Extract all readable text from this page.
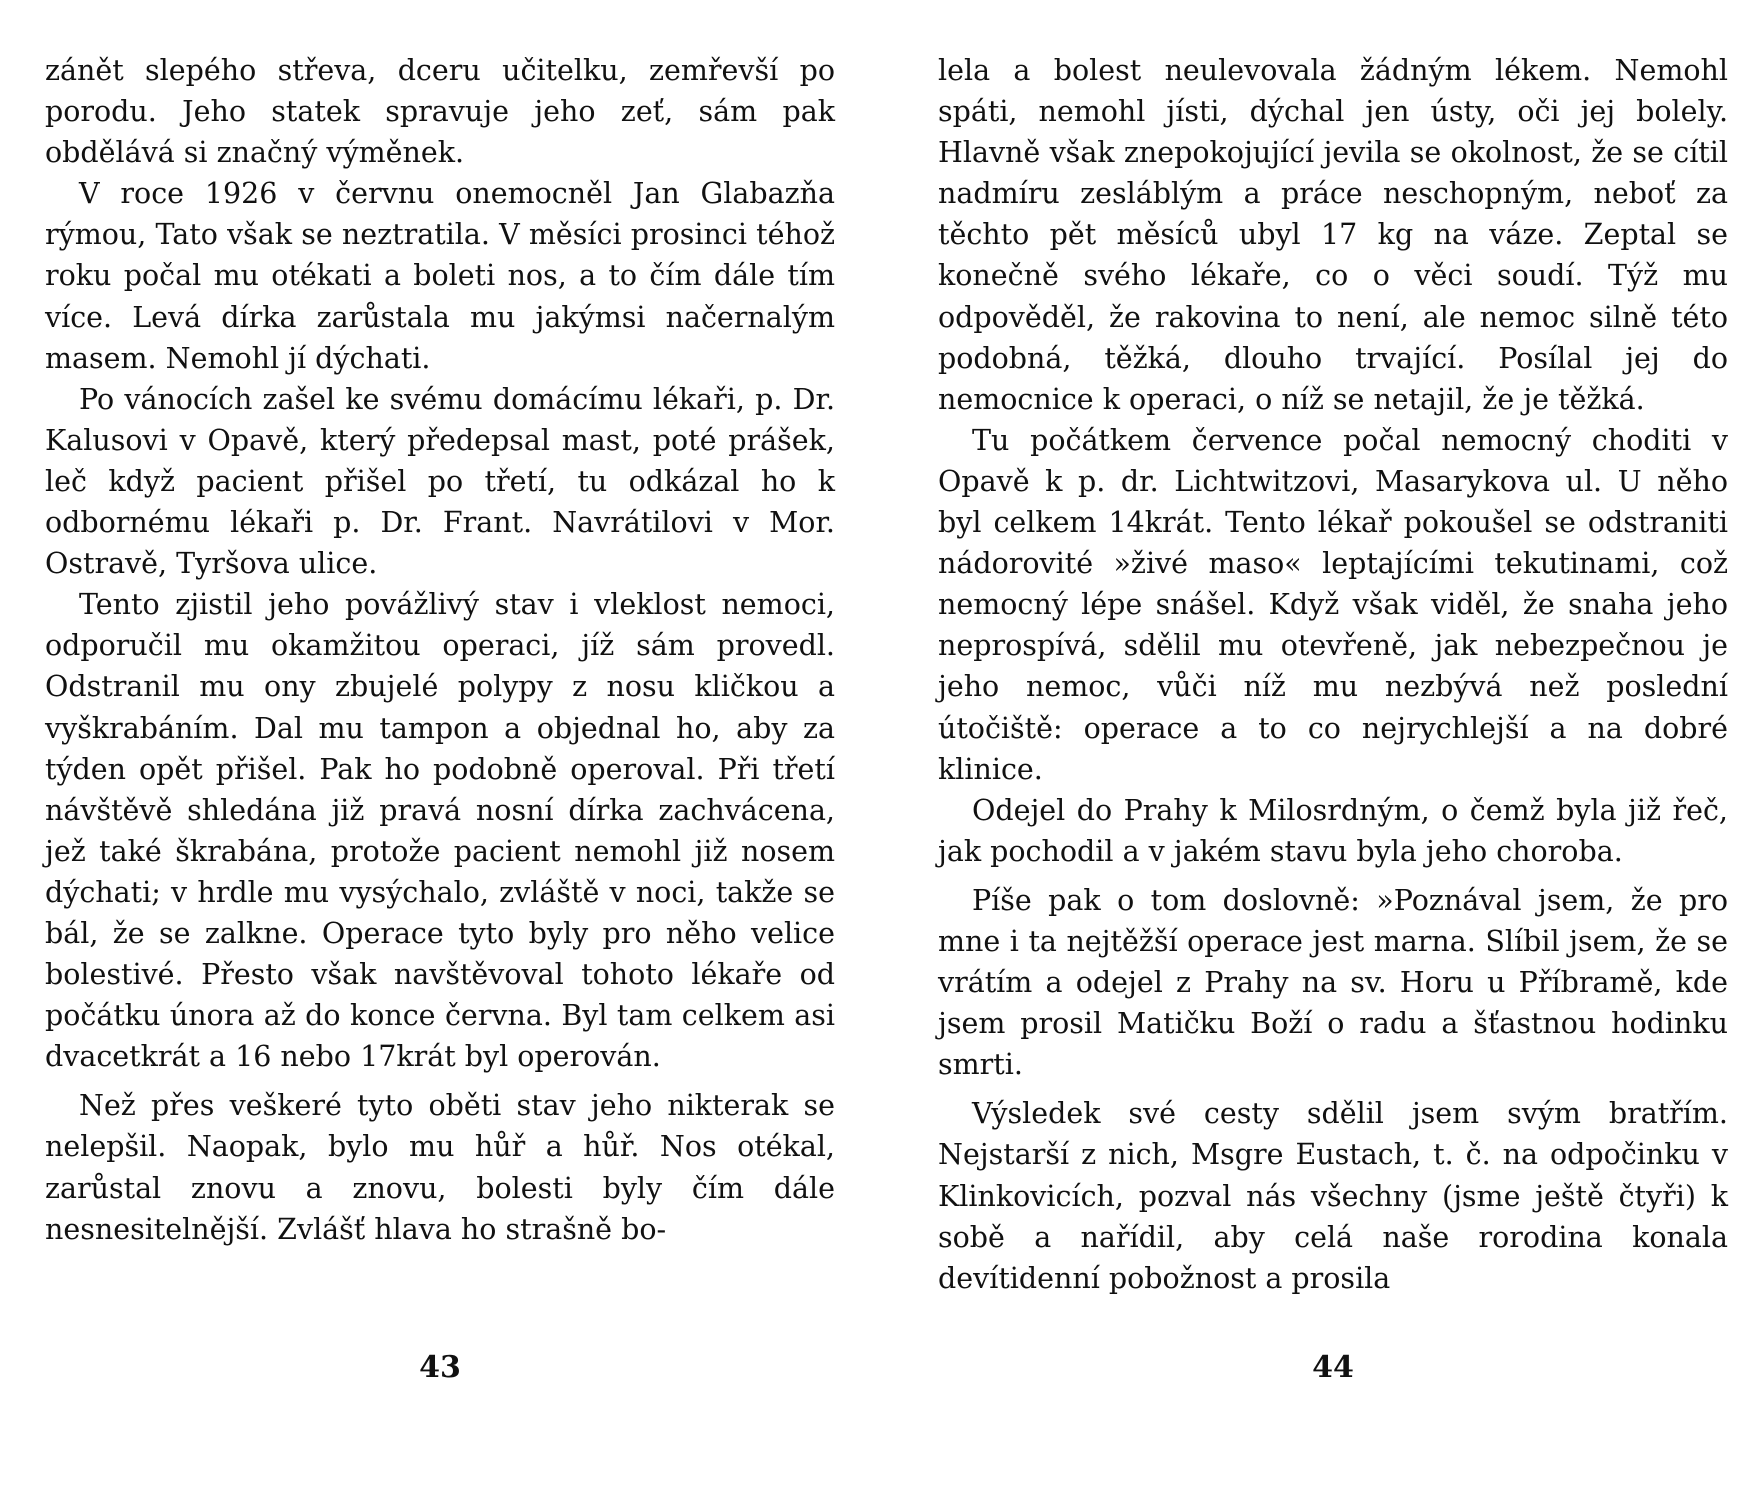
zánět slepého střeva, dceru učitelku, zemřevší po porodu. Jeho statek spravuje jeho zeť, sám pak obdělává si značný výměnek.

V roce 1926 v červnu onemocněl Jan Glabazňa rýmou, Tato však se neztratila. V měsíci prosinci téhož roku počal mu otékati a boleti nos, a to čím dále tím více. Levá dírka zarůstala mu jakýmsi načernalým masem. Nemohl jí dýchati.

Po vánocích zašel ke svému domácímu lékaři, p. Dr. Kalusovi v Opavě, který předepsal mast, poté prášek, leč když pacient přišel po třetí, tu odkázal ho k odbornému lékaři p. Dr. Frant. Navrátilovi v Mor. Ostravě, Tyršova ulice.

Tento zjistil jeho povážlivý stav i vleklost nemoci, odporučil mu okamžitou operaci, jíž sám provedl. Odstranil mu ony zbujelé polypy z nosu kličkou a vyškrabáním. Dal mu tampon a objednal ho, aby za týden opět přišel. Pak ho podobně operoval. Při třetí návštěvě shledána již pravá nosní dírka zachvácena, jež také škrabána, protože pacient nemohl již nosem dýchati; v hrdle mu vysýchalo, zvláště v noci, takže se bál, že se zalkne. Operace tyto byly pro něho velice bolestivé. Přesto však navštěvoval tohoto lékaře od počátku února až do konce června. Byl tam celkem asi dvacetkrát a 16 nebo 17krát byl operován.

Než přes veškeré tyto oběti stav jeho nikterak se nelepšil. Naopak, bylo mu hůř a hůř. Nos otékal, zarůstal znovu a znovu, bolesti byly čím dále nesnesitelnější. Zvlášť hlava ho strašně bo-

43

lela a bolest neulevovala žádným lékem. Nemohl spáti, nemohl jísti, dýchal jen ústy, oči jej bolely. Hlavně však znepokojující jevila se okolnost, že se cítil nadmíru zesláblým a práce neschopným, neboť za těchto pět měsíců ubyl 17 kg na váze. Zeptal se konečně svého lékaře, co o věci soudí. Týž mu odpověděl, že rakovina to není, ale nemoc silně této podobná, těžká, dlouho trvající. Posílal jej do nemocnice k operaci, o níž se netajil, že je těžká.

Tu počátkem července počal nemocný choditi v Opavě k p. dr. Lichtwitzovi, Masarykova ul. U něho byl celkem 14krát. Tento lékař pokoušel se odstraniti nádorovité »živé maso« leptajícími tekutinami, což nemocný lépe snášel. Když však viděl, že snaha jeho neprospívá, sdělil mu otevřeně, jak nebezpečnou je jeho nemoc, vůči níž mu nezbývá než poslední útočiště: operace a to co nejrychlejší a na dobré klinice.

Odejel do Prahy k Milosrdným, o čemž byla již řeč, jak pochodil a v jakém stavu byla jeho choroba.

Píše pak o tom doslovně: »Poznával jsem, že pro mne i ta nejtěžší operace jest marna. Slíbil jsem, že se vrátím a odejel z Prahy na sv. Horu u Příbramě, kde jsem prosil Matičku Boží o radu a šťastnou hodinku smrti.

Výsledek své cesty sdělil jsem svým bratřím. Nejstarší z nich, Msgre Eustach, t. č. na odpočinku v Klinkovicích, pozval nás všechny (jsme ještě čtyři) k sobě a nařídil, aby celá naše rorodina konala devítidenní pobožnost a prosila

44
